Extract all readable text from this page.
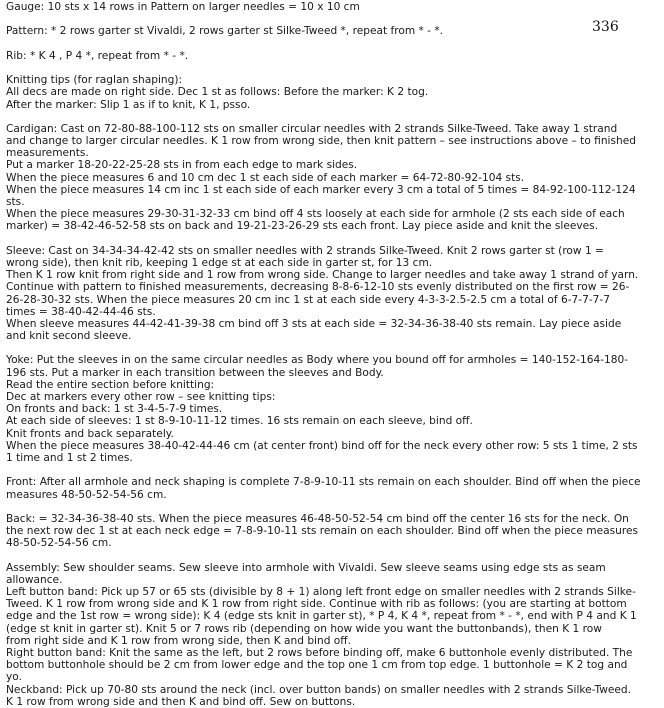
Gauge: 10 sts x 14 rows in Pattern on larger needles = 10 x 10 cm
Pattern: * 2 rows garter st Vivaldi, 2 rows garter st Silke-Tweed *, repeat from * - *.
Rib: * K 4 , P 4 *, repeat from * - *.
Knitting tips (for raglan shaping):
All decs are made on right side. Dec 1 st as follows: Before the marker: K 2 tog.
After the marker: Slip 1 as if to knit, K 1, psso.
Cardigan: Cast on 72-80-88-100-112 sts on smaller circular needles with 2 strands Silke-Tweed. Take away 1 strand
and change to larger circular needles. K 1 row from wrong side, then knit pattern – see instructions above – to finished
measurements.
Put a marker 18-20-22-25-28 sts in from each edge to mark sides.
When the piece measures 6 and 10 cm dec 1 st each side of each marker = 64-72-80-92-104 sts.
When the piece measures 14 cm inc 1 st each side of each marker every 3 cm a total of 5 times = 84-92-100-112-124
sts.
When the piece measures 29-30-31-32-33 cm bind off 4 sts loosely at each side for armhole (2 sts each side of each
marker) = 38-42-46-52-58 sts on back and 19-21-23-26-29 sts each front. Lay piece aside and knit the sleeves.
Sleeve: Cast on 34-34-34-42-42 sts on smaller needles with 2 strands Silke-Tweed. Knit 2 rows garter st (row 1 =
wrong side), then knit rib, keeping 1 edge st at each side in garter st, for 13 cm.
Then K 1 row knit from right side and 1 row from wrong side. Change to larger needles and take away 1 strand of yarn.
Continue with pattern to finished measurements, decreasing 8-8-6-12-10 sts evenly distributed on the first row = 26-
26-28-30-32 sts. When the piece measures 20 cm inc 1 st at each side every 4-3-3-2.5-2.5 cm a total of 6-7-7-7-7
times = 38-40-42-44-46 sts.
When sleeve measures 44-42-41-39-38 cm bind off 3 sts at each side = 32-34-36-38-40 sts remain. Lay piece aside
and knit second sleeve.
Yoke: Put the sleeves in on the same circular needles as Body where you bound off for armholes = 140-152-164-180-
196 sts. Put a marker in each transition between the sleeves and Body.
Read the entire section before knitting:
Dec at markers every other row – see knitting tips:
On fronts and back: 1 st 3-4-5-7-9 times.
At each side of sleeves: 1 st 8-9-10-11-12 times. 16 sts remain on each sleeve, bind off.
Knit fronts and back separately.
When the piece measures 38-40-42-44-46 cm (at center front) bind off for the neck every other row: 5 sts 1 time, 2 sts
1 time and 1 st 2 times.
Front: After all armhole and neck shaping is complete 7-8-9-10-11 sts remain on each shoulder. Bind off when the piece
measures 48-50-52-54-56 cm.
Back: = 32-34-36-38-40 sts. When the piece measures 46-48-50-52-54 cm bind off the center 16 sts for the neck. On
the next row dec 1 st at each neck edge = 7-8-9-10-11 sts remain on each shoulder. Bind off when the piece measures
48-50-52-54-56 cm.
Assembly: Sew shoulder seams. Sew sleeve into armhole with Vivaldi. Sew sleeve seams using edge sts as seam
allowance.
Left button band: Pick up 57 or 65 sts (divisible by 8 + 1) along left front edge on smaller needles with 2 strands Silke-
Tweed. K 1 row from wrong side and K 1 row from right side. Continue with rib as follows: (you are starting at bottom
edge and the 1st row = wrong side): K 4 (edge sts knit in garter st), * P 4, K 4 *, repeat from * - *, end with P 4 and K 1
(edge st knit in garter st). Knit 5 or 7 rows rib (depending on how wide you want the buttonbands), then K 1 row
from right side and K 1 row from wrong side, then K and bind off.
Right button band: Knit the same as the left, but 2 rows before binding off, make 6 buttonhole evenly distributed. The
bottom buttonhole should be 2 cm from lower edge and the top one 1 cm from top edge. 1 buttonhole = K 2 tog and
yo.
Neckband: Pick up 70-80 sts around the neck (incl. over button bands) on smaller needles with 2 strands Silke-Tweed.
K 1 row from wrong side and then K and bind off. Sew on buttons.
336
